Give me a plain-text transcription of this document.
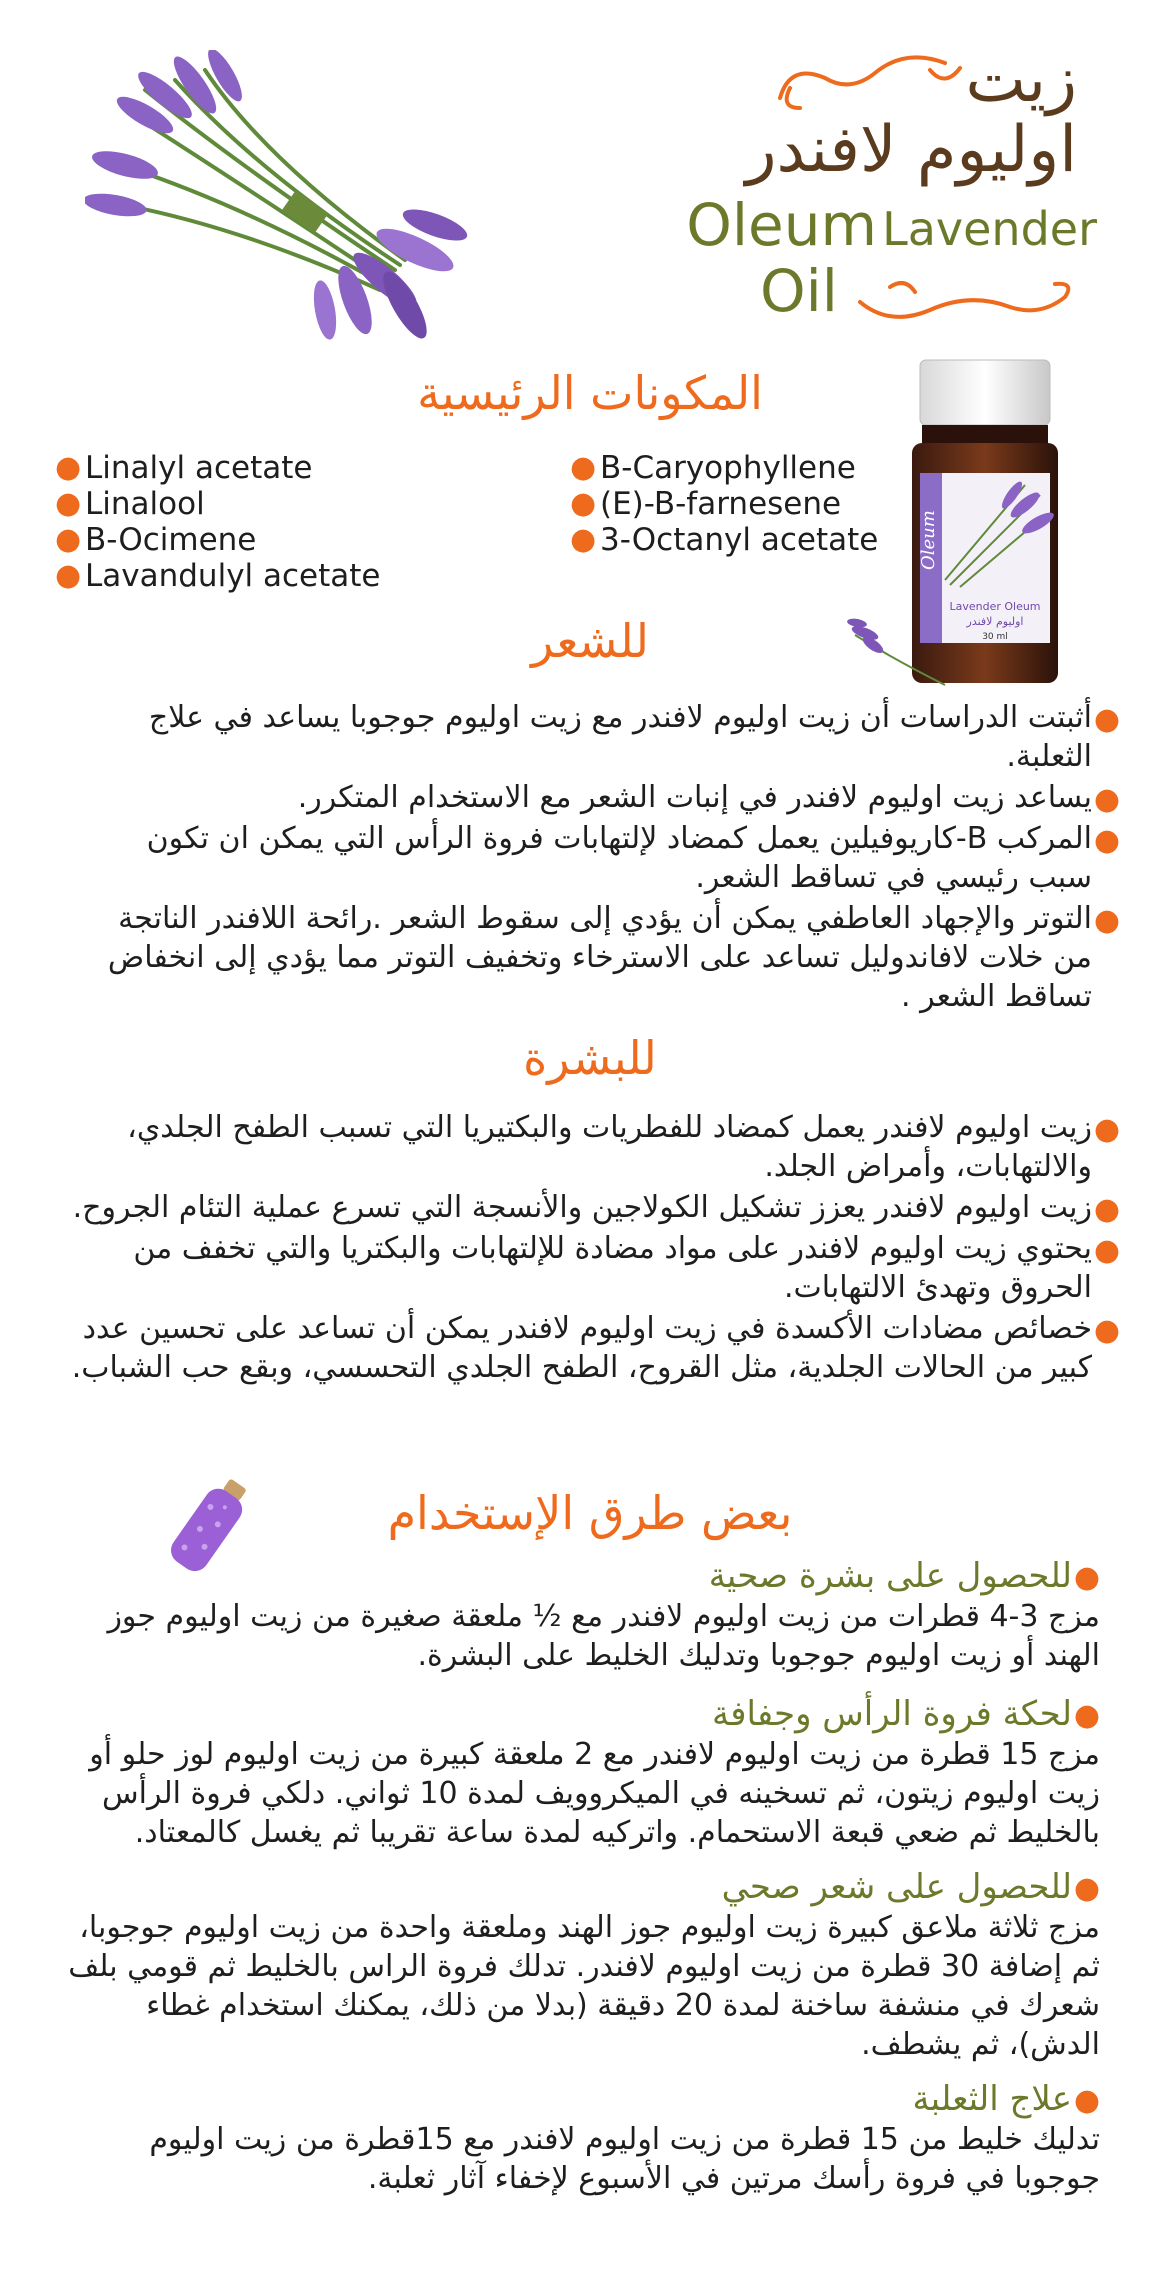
زيت
اوليوم لافندر
Oleum Lavender
Oil
المكونات الرئيسية
● Linalyl acetate
● Linalool
● B-Ocimene
● Lavandulyl acetate
● B-Caryophyllene
● (E)-B-farnesene
● 3-Octanyl acetate Oleum
Lavender Oleum
اوليوم لافندر
30 ml
للشعر
●
أثبتت الدراسات أن زيت اوليوم لافندر مع زيت اوليوم جوجوبا يساعد في علاج الثعلبة.
●
يساعد زيت اوليوم لافندر في إنبات الشعر مع الاستخدام المتكرر.
●
المركب B-كاريوفيلين يعمل كمضاد لإلتهابات فروة الرأس التي يمكن ان تكون سبب رئيسي في تساقط الشعر.
●
التوتر والإجهاد العاطفي يمكن أن يؤدي إلى سقوط الشعر .رائحة اللافندر الناتجة من خلات لافاندوليل تساعد على الاسترخاء وتخفيف التوتر مما يؤدي إلى انخفاض تساقط الشعر .
للبشرة
●
زيت اوليوم لافندر يعمل كمضاد للفطريات والبكتيريا التي تسبب الطفح الجلدي، والالتهابات، وأمراض الجلد.
●
زيت اوليوم لافندر يعزز تشكيل الكولاجين والأنسجة التي تسرع عملية التئام الجروح.
●
يحتوي زيت اوليوم لافندر على مواد مضادة للإلتهابات والبكتريا والتي تخفف من الحروق وتهدئ الالتهابات.
●
خصائص مضادات الأكسدة في زيت اوليوم لافندر يمكن أن تساعد على تحسين عدد كبير من الحالات الجلدية، مثل القروح، الطفح الجلدي التحسسي، وبقع حب الشباب.
بعض طرق الإستخدام
●
للحصول على بشرة صحية
مزج 3-4 قطرات من زيت اوليوم لافندر مع ½ ملعقة صغيرة من زيت اوليوم جوز الهند أو زيت اوليوم جوجوبا وتدليك الخليط على البشرة.
●
لحكة فروة الرأس وجفافة
مزج 15 قطرة من زيت اوليوم لافندر مع 2 ملعقة كبيرة من زيت اوليوم لوز حلو أو زيت اوليوم زيتون، ثم تسخينه في الميكروويف لمدة 10 ثواني. دلكي فروة الرأس بالخليط ثم ضعي قبعة الاستحمام. واتركيه لمدة ساعة تقريبا ثم يغسل كالمعتاد.
●
للحصول على شعر صحي
مزج ثلاثة ملاعق كبيرة زيت اوليوم جوز الهند وملعقة واحدة من زيت اوليوم جوجوبا، ثم إضافة 30 قطرة من زيت اوليوم لافندر. تدلك فروة الراس بالخليط ثم قومي بلف شعرك في منشفة ساخنة لمدة 20 دقيقة (بدلا من ذلك، يمكنك استخدام غطاء الدش)، ثم يشطف.
●
علاج الثعلبة
تدليك خليط من 15 قطرة من زيت اوليوم لافندر مع 15قطرة من زيت اوليوم جوجوبا في فروة رأسك مرتين في الأسبوع لإخفاء آثار ثعلبة.
